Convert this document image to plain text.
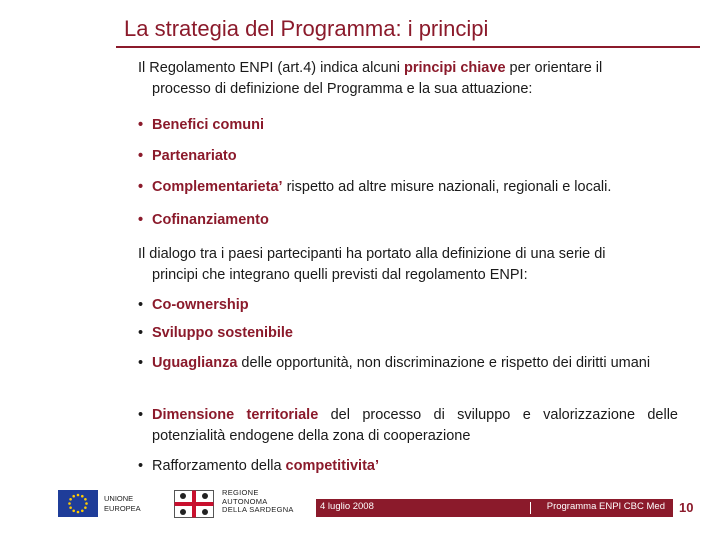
La strategia del Programma: i principi
Il Regolamento ENPI (art.4) indica alcuni principi chiave per orientare il
processo di definizione del Programma e la sua attuazione:
• Benefici comuni
• Partenariato
• Complementarieta’ rispetto ad altre misure nazionali, regionali e locali.
• Cofinanziamento
Il dialogo tra i paesi partecipanti ha portato alla definizione di una serie di
principi che integrano quelli previsti dal regolamento ENPI:
• Co-ownership
• Sviluppo sostenibile
• Uguaglianza delle opportunità, non discriminazione e rispetto dei diritti umani
• Dimensione territoriale del processo di sviluppo e valorizzazione delle potenzialità endogene della zona di cooperazione
• Rafforzamento della competitivita’
UNIONE
EUROPEA
REGIONE
AUTONOMA
DELLA SARDEGNA	4 luglio 2008	Programma ENPI CBC Med 10
